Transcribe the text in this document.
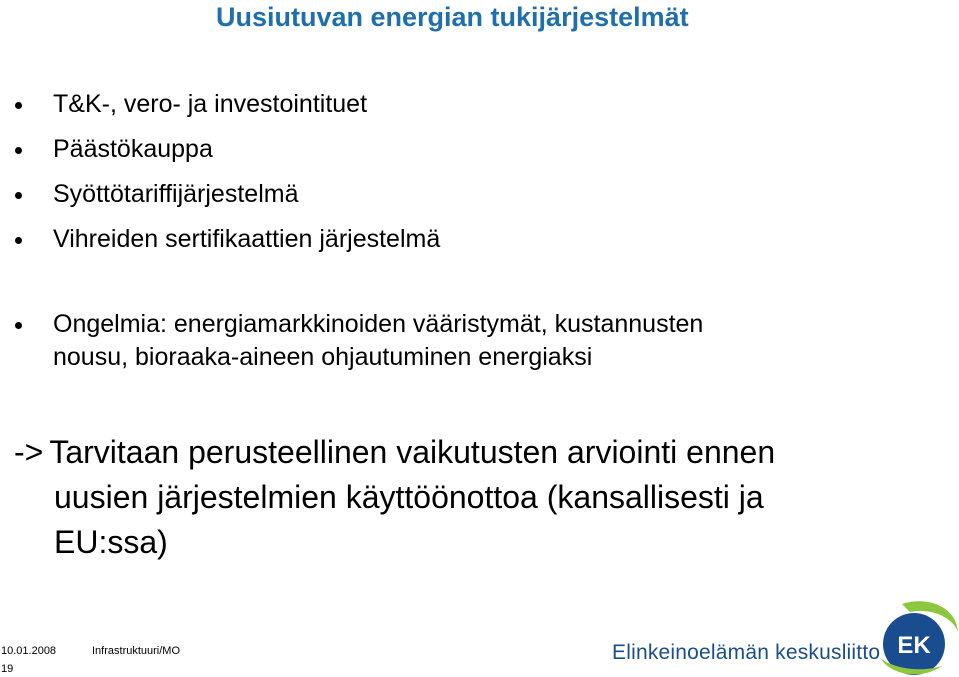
Uusiutuvan energian tukijärjestelmät
T&K-, vero- ja investointituet
Päästökauppa
Syöttötariffijärjestelmä
Vihreiden sertifikaattien järjestelmä
Ongelmia: energiamarkkinoiden vääristymät, kustannusten
nousu, bioraaka-aineen ohjautuminen energiaksi
-> Tarvitaan perusteellinen vaikutusten arviointi ennen
uusien järjestelmien käyttöönottoa (kansallisesti ja
EU:ssa)
10.01.2008	Infrastruktuuri/MO
19
Elinkeinoelämän keskusliitto EK
